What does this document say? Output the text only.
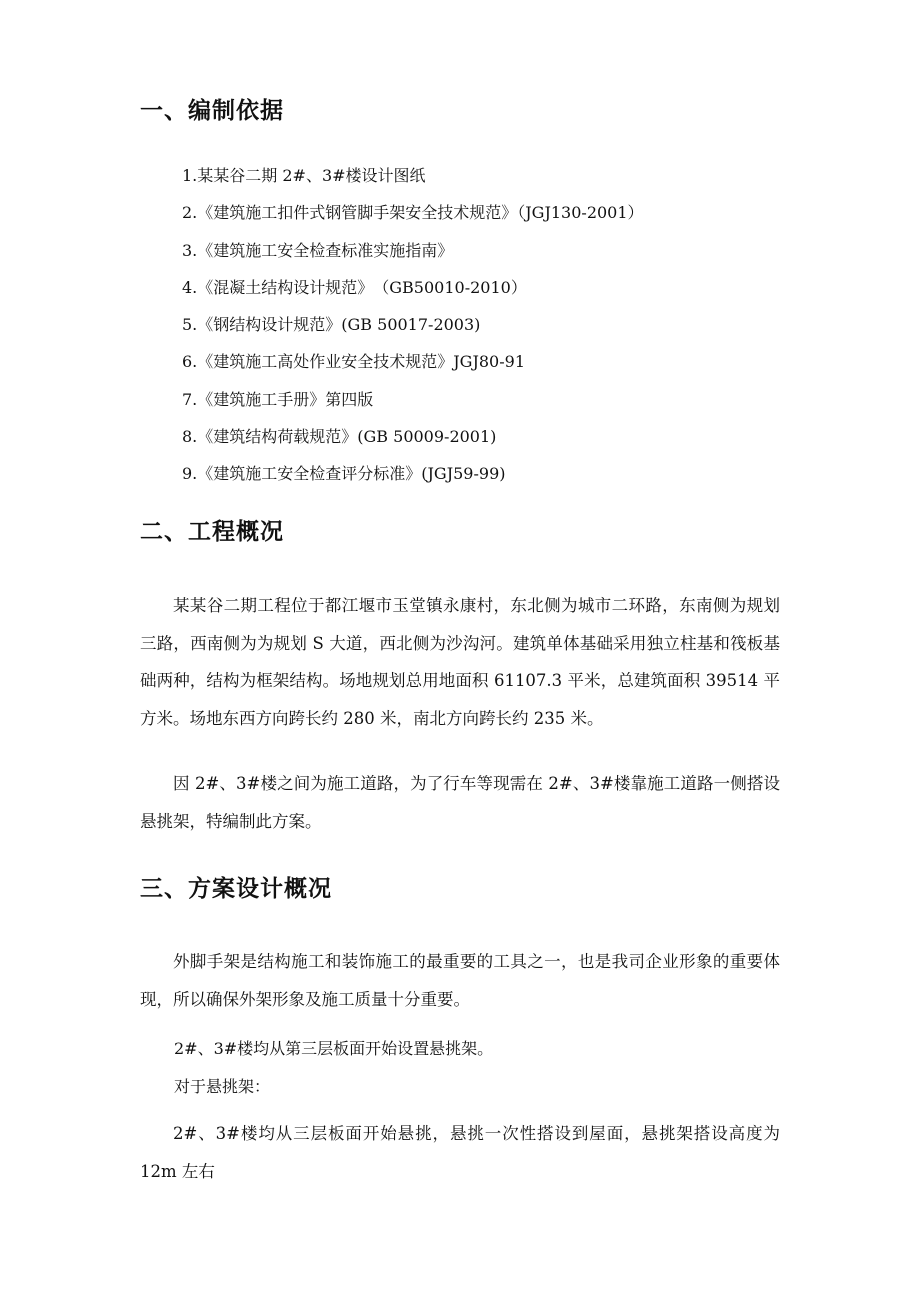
一、编制依据
1.某某谷二期 2#、3#楼设计图纸
2.《建筑施工扣件式钢管脚手架安全技术规范》（JGJ130-2001）
3.《建筑施工安全检查标准实施指南》
4.《混凝土结构设计规范》　（GB50010-2010）
5.《钢结构设计规范》(GB 50017-2003)
6.《建筑施工高处作业安全技术规范》JGJ80-91
7.《建筑施工手册》第四版
8.《建筑结构荷载规范》(GB 50009-2001)
9.《建筑施工安全检查评分标准》(JGJ59-99)
二、工程概况

某某谷二期工程位于都江堰市玉堂镇永康村，东北侧为城市二环路，东南侧为规划三路，西南侧为为规划 S 大道，西北侧为沙沟河。建筑单体基础采用独立柱基和筏板基础两种，结构为框架结构。场地规划总用地面积 61107.3 平米，总建筑面积 39514 平方米。场地东西方向跨长约 280 米，南北方向跨长约 235 米。

因 2#、3#楼之间为施工道路，为了行车等现需在 2#、3#楼靠施工道路一侧搭设悬挑架，特编制此方案。

三、方案设计概况

外脚手架是结构施工和装饰施工的最重要的工具之一，也是我司企业形象的重要体现，所以确保外架形象及施工质量十分重要。

2#、3#楼均从第三层板面开始设置悬挑架。

对于悬挑架：

2#、3#楼均从三层板面开始悬挑，悬挑一次性搭设到屋面，悬挑架搭设高度为 12m 左右
